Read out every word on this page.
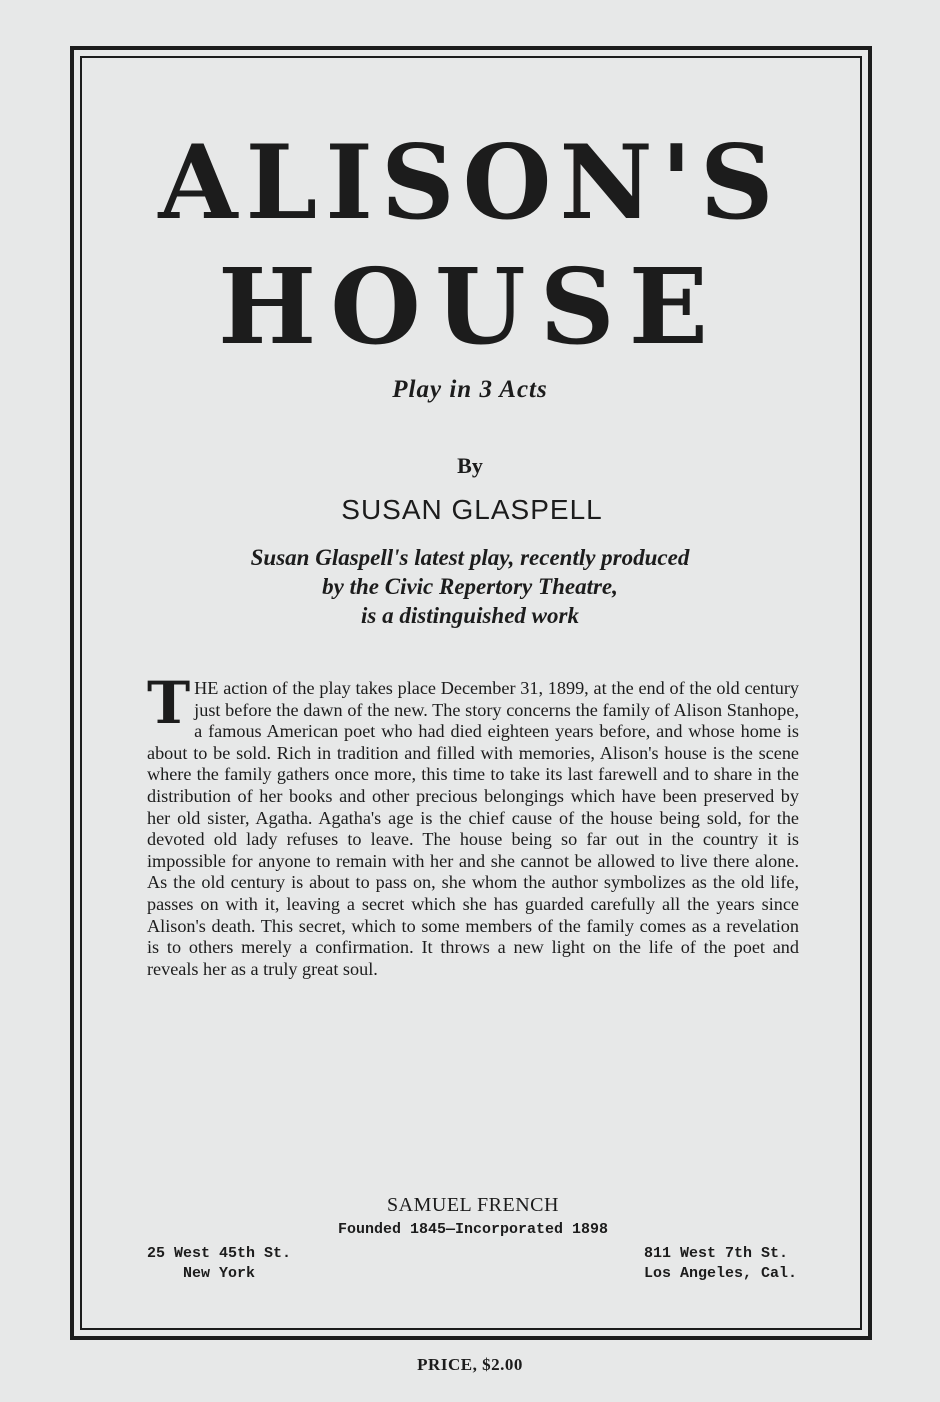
ALISON'S
HOUSE
Play in 3 Acts
By
SUSAN GLASPELL
Susan Glaspell's latest play, recently produced
by the Civic Repertory Theatre,
is a distinguished work

THE action of the play takes place December 31, 1899, at the end of the old century just before the dawn of the new. The story concerns the family of Alison Stanhope, a famous American poet who had died eighteen years before, and whose home is about to be sold. Rich in tradition and filled with memories, Alison's house is the scene where the family gathers once more, this time to take its last farewell and to share in the distribution of her books and other precious belongings which have been preserved by her old sister, Agatha. Agatha's age is the chief cause of the house being sold, for the devoted old lady refuses to leave. The house being so far out in the country it is impossible for anyone to remain with her and she cannot be allowed to live there alone. As the old century is about to pass on, she whom the author symbolizes as the old life, passes on with it, leaving a secret which she has guarded carefully all the years since Alison's death. This secret, which to some members of the family comes as a revelation is to others merely a confirmation. It throws a new light on the life of the poet and reveals her as a truly great soul.

SAMUEL FRENCH
Founded 1845—Incorporated 1898
25 West 45th St.
New York
811 West 7th St.
Los Angeles, Cal.
PRICE, $2.00
